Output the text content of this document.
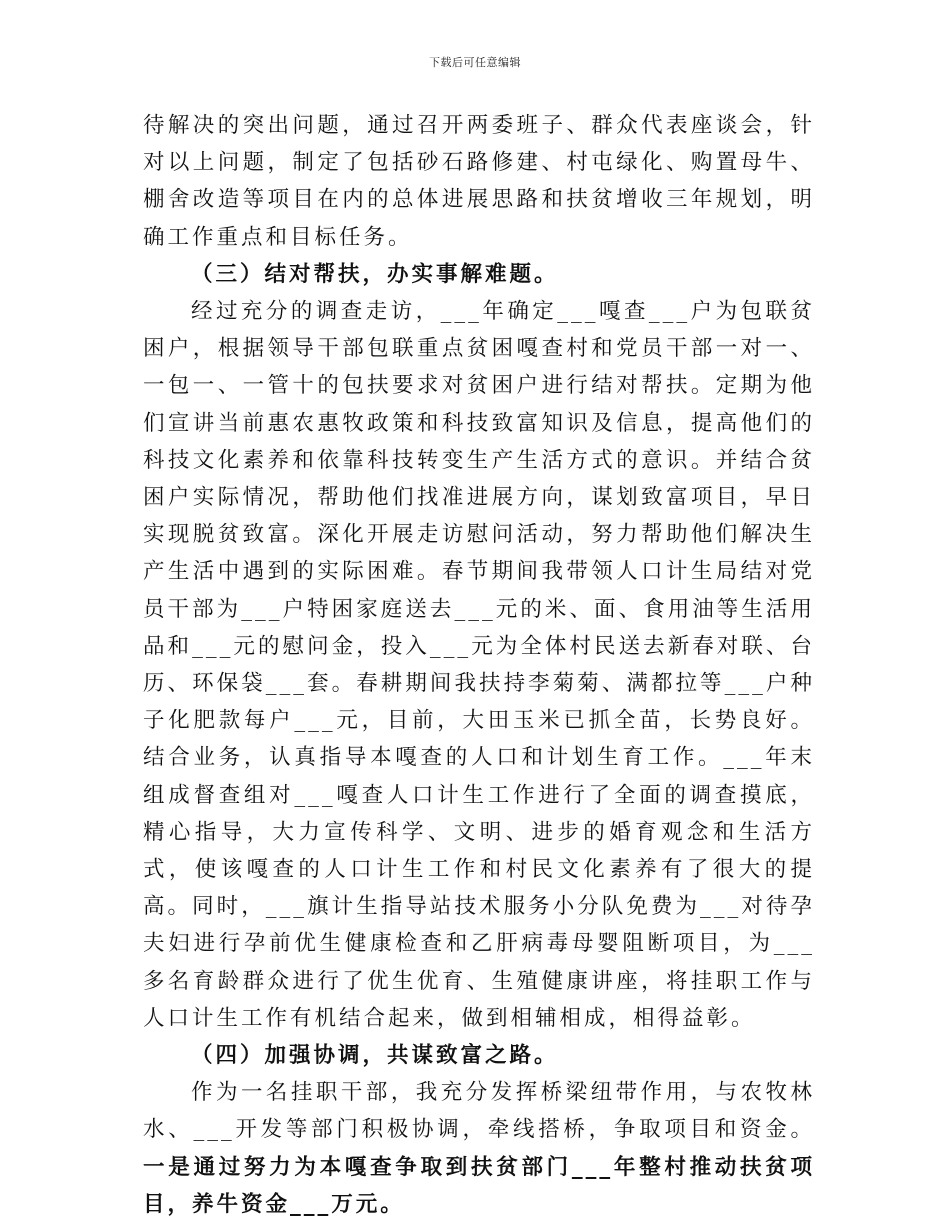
下载后可任意编辑

待解决的突出问题，通过召开两委班子、群众代表座谈会，针对以上问题，制定了包括砂石路修建、村屯绿化、购置母牛、棚舍改造等项目在内的总体进展思路和扶贫增收三年规划，明确工作重点和目标任务。

（三）结对帮扶，办实事解难题。

经过充分的调查走访，___年确定___嘎查___户为包联贫困户，根据领导干部包联重点贫困嘎查村和党员干部一对一、一包一、一管十的包扶要求对贫困户进行结对帮扶。定期为他们宣讲当前惠农惠牧政策和科技致富知识及信息，提高他们的科技文化素养和依靠科技转变生产生活方式的意识。并结合贫困户实际情况，帮助他们找准进展方向，谋划致富项目，早日实现脱贫致富。深化开展走访慰问活动，努力帮助他们解决生产生活中遇到的实际困难。春节期间我带领人口计生局结对党员干部为___户特困家庭送去___元的米、面、食用油等生活用品和___元的慰问金，投入___元为全体村民送去新春对联、台历、环保袋___套。春耕期间我扶持李菊菊、满都拉等___户种子化肥款每户___元，目前，大田玉米已抓全苗，长势良好。结合业务，认真指导本嘎查的人口和计划生育工作。___年末组成督查组对___嘎查人口计生工作进行了全面的调查摸底，精心指导，大力宣传科学、文明、进步的婚育观念和生活方式，使该嘎查的人口计生工作和村民文化素养有了很大的提高。同时，___旗计生指导站技术服务小分队免费为___对待孕夫妇进行孕前优生健康检查和乙肝病毒母婴阻断项目，为___多名育龄群众进行了优生优育、生殖健康讲座，将挂职工作与人口计生工作有机结合起来，做到相辅相成，相得益彰。

（四）加强协调，共谋致富之路。

作为一名挂职干部，我充分发挥桥梁纽带作用，与农牧林水、___开发等部门积极协调，牵线搭桥，争取项目和资金。一是通过努力为本嘎查争取到扶贫部门___年整村推动扶贫项目，养牛资金___万元。
